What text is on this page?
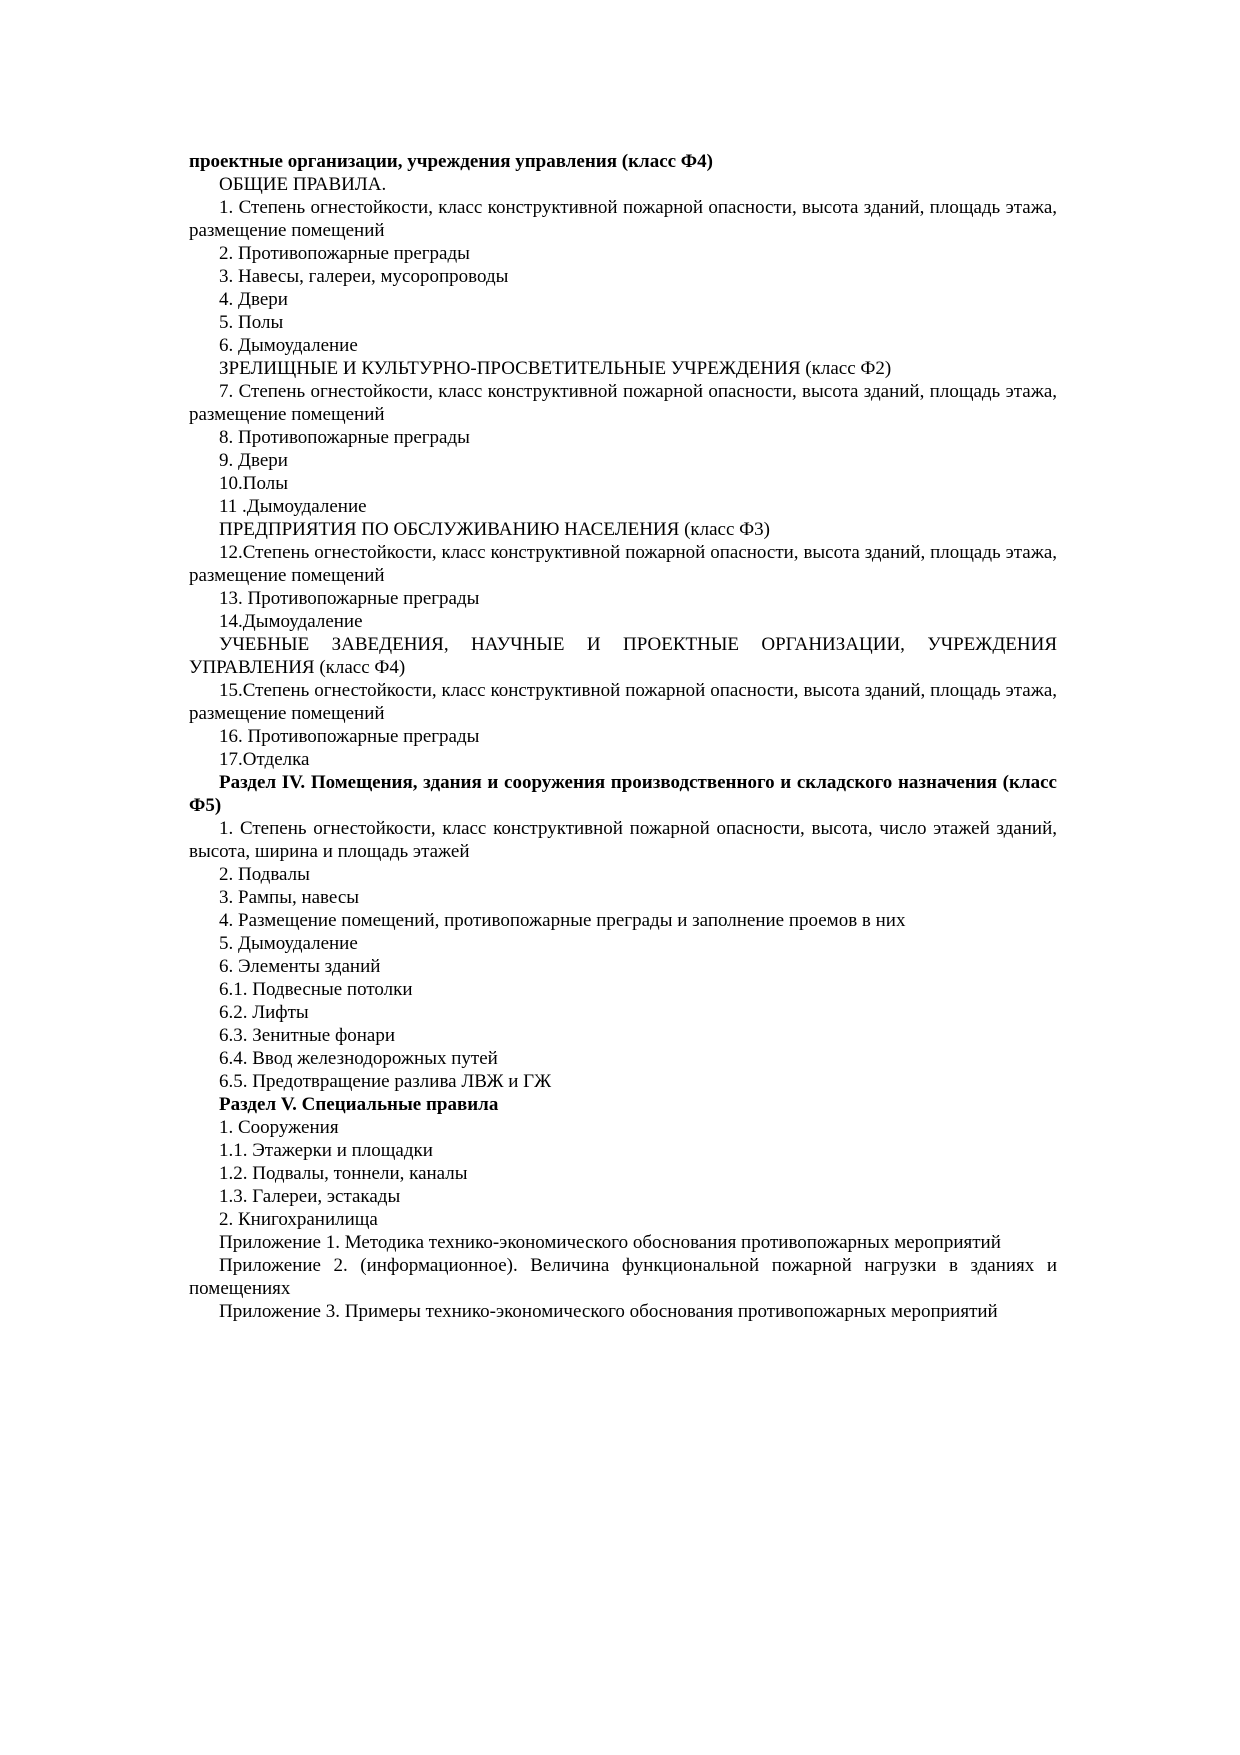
проектные организации, учреждения управления (класс Ф4)

ОБЩИЕ ПРАВИЛА.

1. Степень огнестойкости, класс конструктивной пожарной опасности, высота зданий, площадь этажа, размещение помещений

2. Противопожарные преграды

3. Навесы, галереи, мусоропроводы

4. Двери

5. Полы

6. Дымоудаление

ЗРЕЛИЩНЫЕ И КУЛЬТУРНО-ПРОСВЕТИТЕЛЬНЫЕ УЧРЕЖДЕНИЯ (класс Ф2)

7. Степень огнестойкости, класс конструктивной пожарной опасности, высота зданий, площадь этажа, размещение помещений

8. Противопожарные преграды

9. Двери

10.Полы

11 .Дымоудаление

ПРЕДПРИЯТИЯ ПО ОБСЛУЖИВАНИЮ НАСЕЛЕНИЯ (класс Ф3)

12.Степень огнестойкости, класс конструктивной пожарной опасности, высота зданий, площадь этажа, размещение помещений

13. Противопожарные преграды

14.Дымоудаление

УЧЕБНЫЕ ЗАВЕДЕНИЯ, НАУЧНЫЕ И ПРОЕКТНЫЕ ОРГАНИЗАЦИИ, УЧРЕЖДЕНИЯ УПРАВЛЕНИЯ (класс Ф4)

15.Степень огнестойкости, класс конструктивной пожарной опасности, высота зданий, площадь этажа, размещение помещений

16. Противопожарные преграды

17.Отделка

Раздел IV. Помещения, здания и сооружения производственного и складского назначения (класс Ф5)

1. Степень огнестойкости, класс конструктивной пожарной опасности, высота, число этажей зданий, высота, ширина и площадь этажей

2. Подвалы

3. Рампы, навесы

4. Размещение помещений, противопожарные преграды и заполнение проемов в них

5. Дымоудаление

6. Элементы зданий

6.1. Подвесные потолки

6.2. Лифты

6.3. Зенитные фонари

6.4. Ввод железнодорожных путей

6.5. Предотвращение разлива ЛВЖ и ГЖ

Раздел V. Специальные правила

1. Сооружения

1.1. Этажерки и площадки

1.2. Подвалы, тоннели, каналы

1.3. Галереи, эстакады

2. Книгохранилища

Приложение 1. Методика технико-экономического обоснования противопожарных мероприятий

Приложение 2. (информационное). Величина функциональной пожарной нагрузки в зданиях и помещениях

Приложение 3. Примеры технико-экономического обоснования противопожарных мероприятий
